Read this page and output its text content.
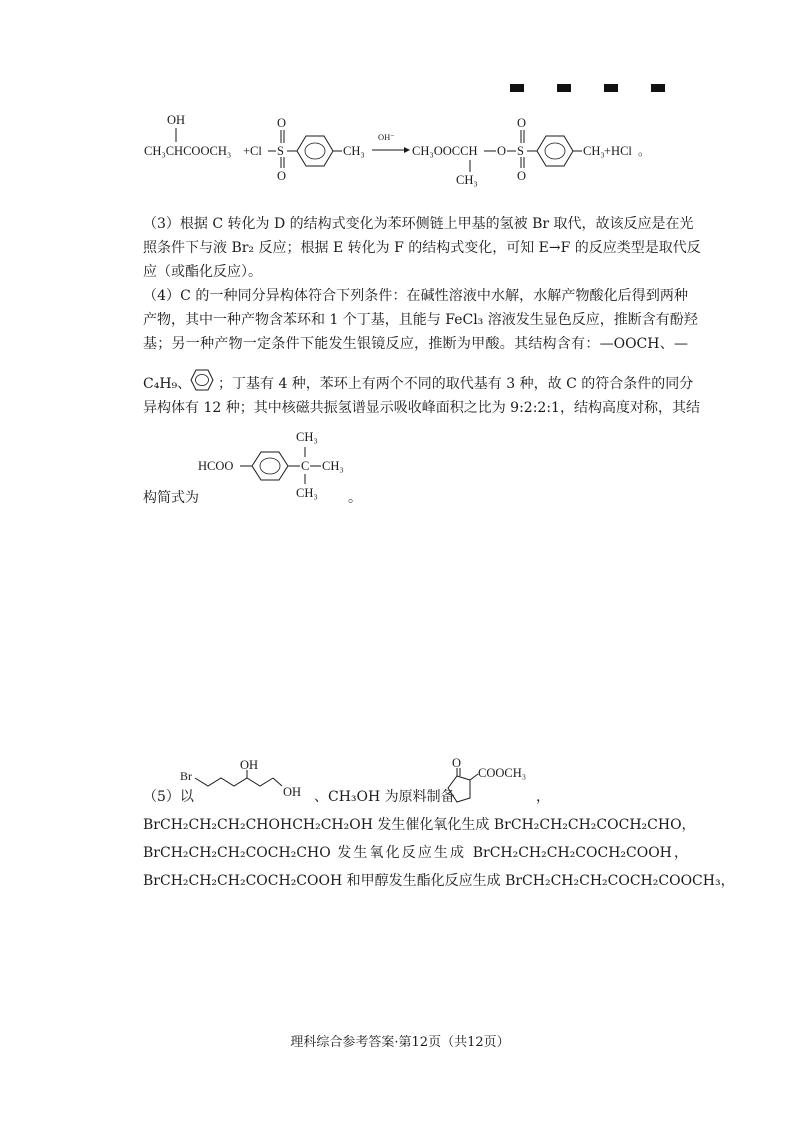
OH
CH₃CHCOOCH₃ +Cl S
O
O
CH₃
OH⁻
CH₃OOCCH
CH₃
O S
O
O
CH₃ +HCl 。

（3）根据 C 转化为 D 的结构式变化为苯环侧链上甲基的氢被 Br 取代，故该反应是在光

照条件下与液 Br₂ 反应；根据 E 转化为 F 的结构式变化，可知 E→F 的反应类型是取代反

应（或酯化反应）。

（4）C 的一种同分异构体符合下列条件：在碱性溶液中水解，水解产物酸化后得到两种

产物，其中一种产物含苯环和 1 个丁基，且能与 FeCl₃ 溶液发生显色反应，推断含有酚羟

基；另一种产物一定条件下能发生银镜反应，推断为甲酸。其结构含有：—OOCH、—

C₄H₉、 ；丁基有 4 种，苯环上有两个不同的取代基有 3 种，故 C 的符合条件的同分

异构体有 12 种；其中核磁共振氢谱显示吸收峰面积之比为 9:2:2:1，结构高度对称，其结

HCOO	C
CH₃
CH₃
CH₃
构简式为	。
（5）以
Br
OH
OH 、CH₃OH 为原料制备
O
COOCH₃
，

BrCH₂CH₂CH₂CHOHCH₂CH₂OH 发生催化氧化生成 BrCH₂CH₂CH₂COCH₂CHO，

BrCH₂CH₂CH₂COCH₂CHO 发生氧化反应生成 BrCH₂CH₂CH₂COCH₂COOH，

BrCH₂CH₂CH₂COCH₂COOH 和甲醇发生酯化反应生成 BrCH₂CH₂CH₂COCH₂COOCH₃，

理科综合参考答案·第12页（共12页）
